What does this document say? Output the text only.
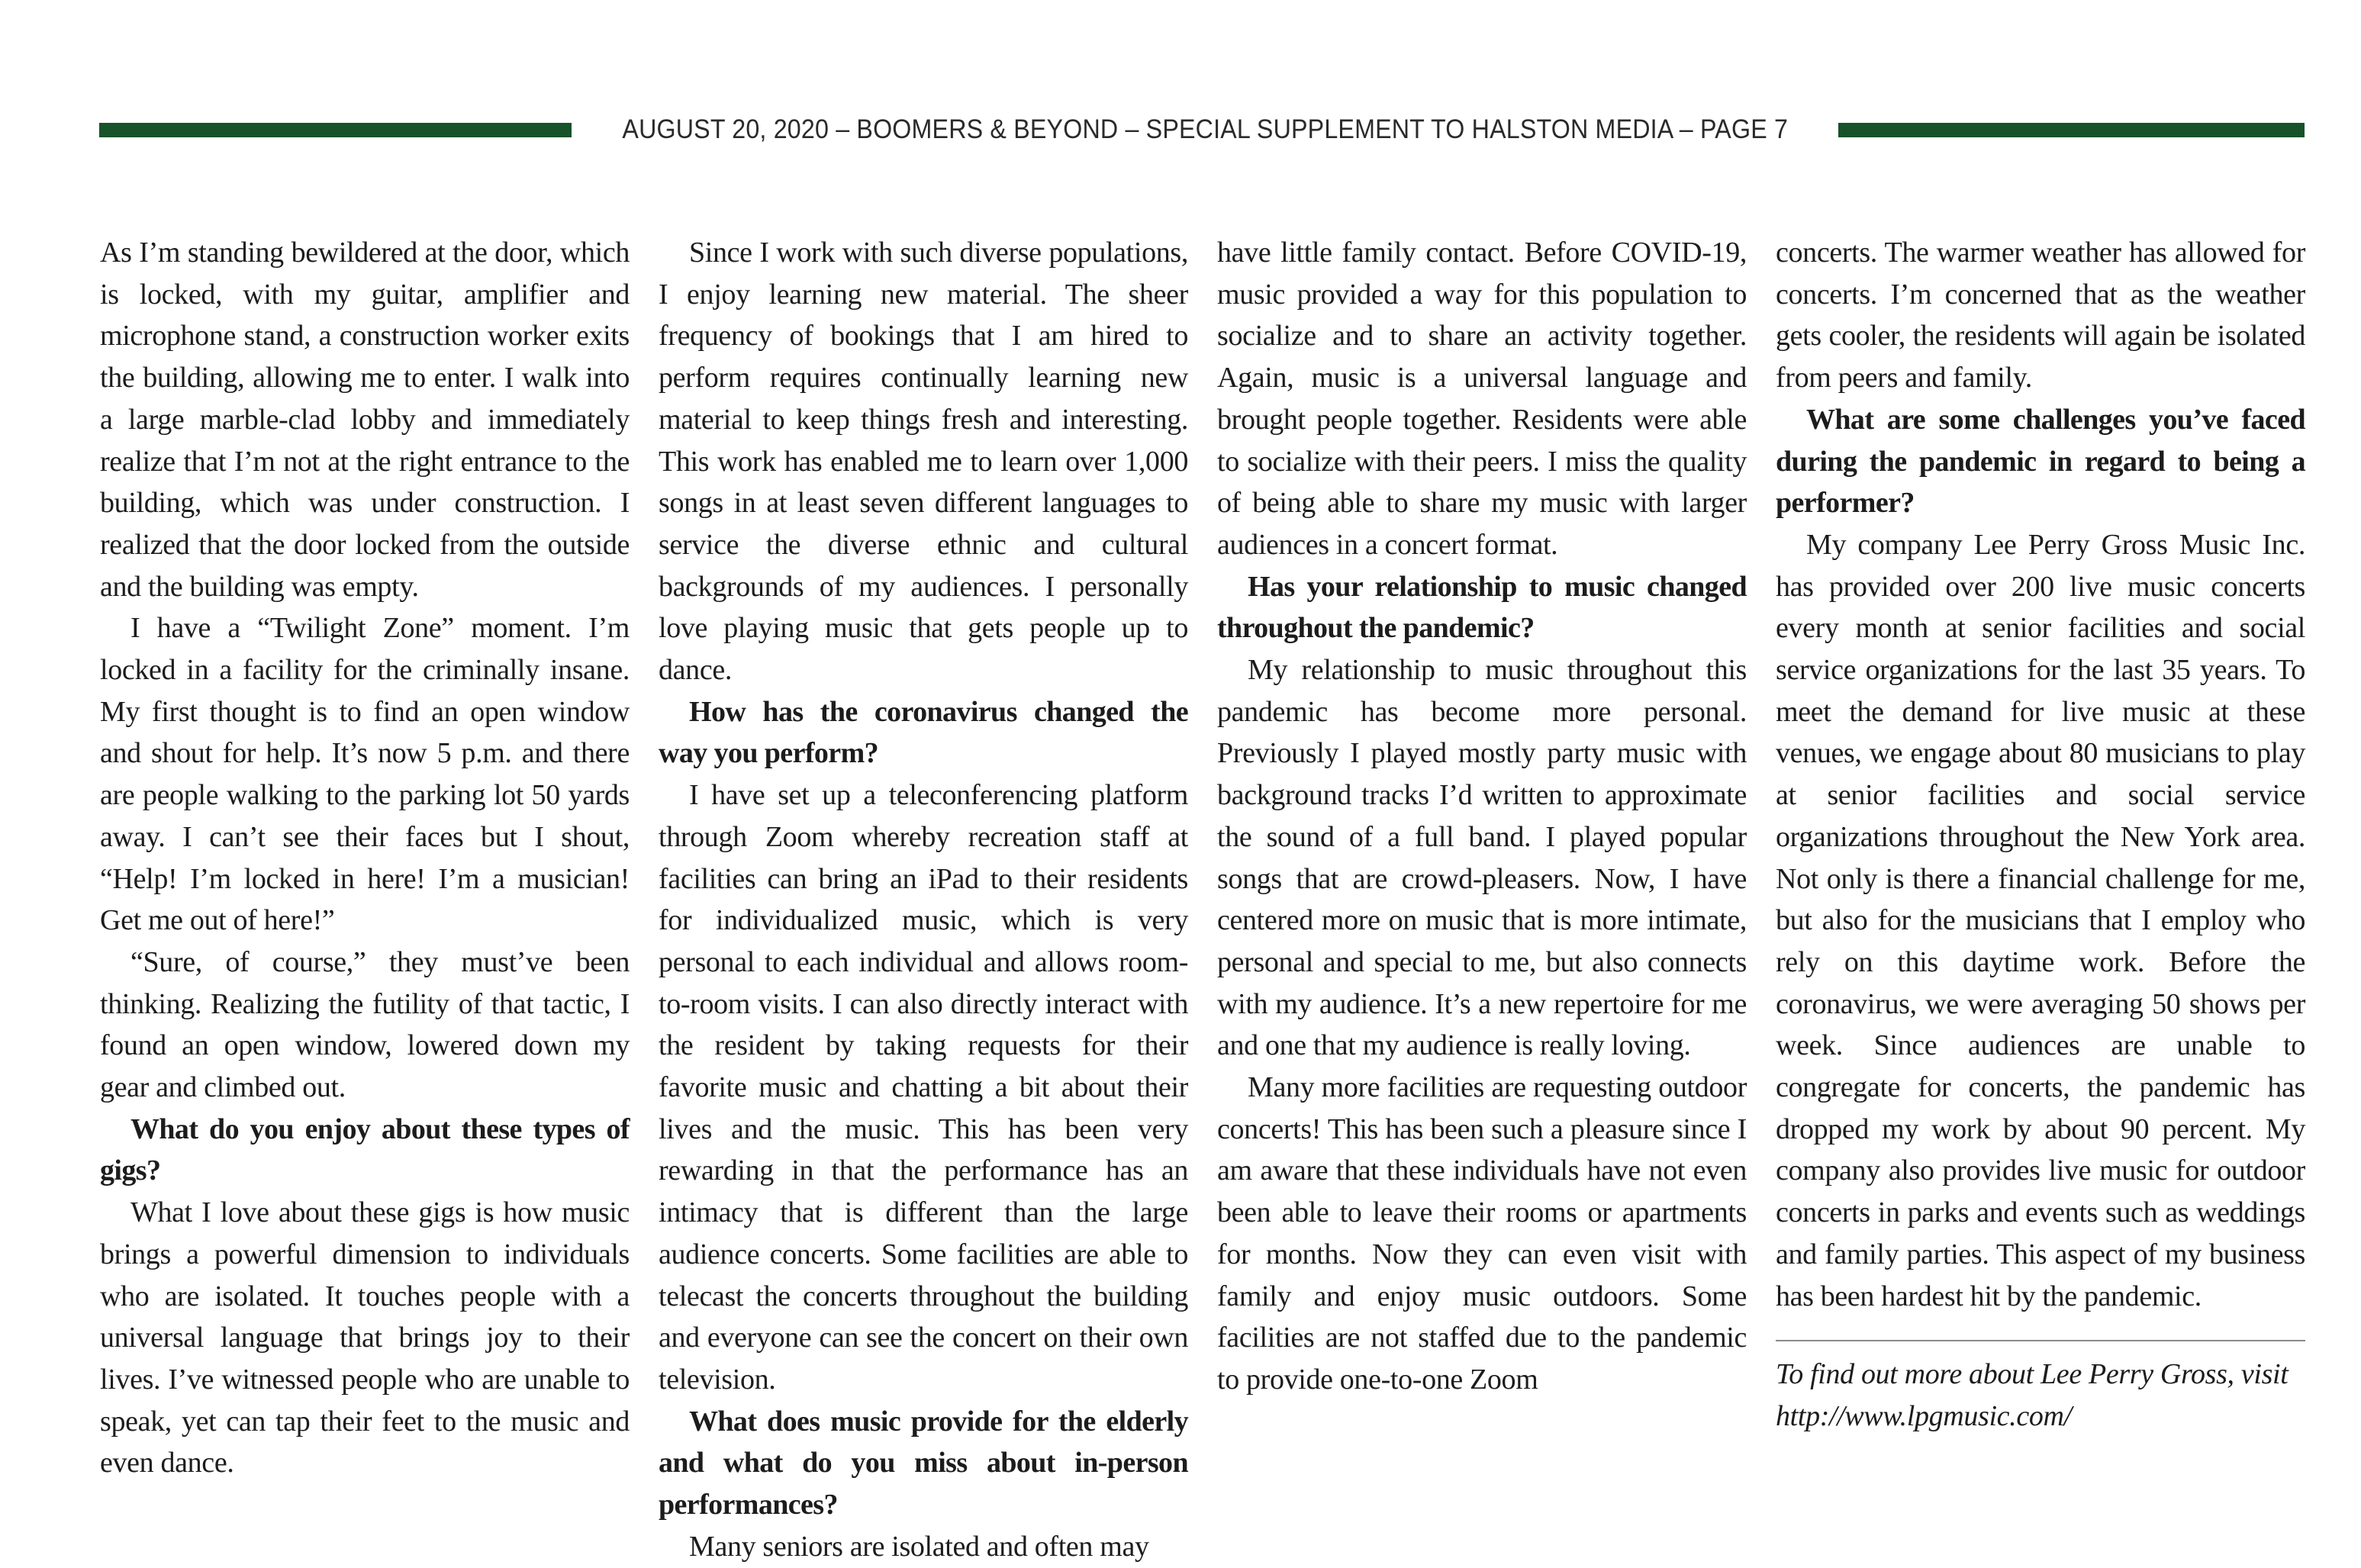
AUGUST 20, 2020 – BOOMERS & BEYOND – SPECIAL SUPPLEMENT TO HALSTON MEDIA – PAGE 7

As I’m standing bewildered at the door, which is locked, with my guitar, amplifier and microphone stand, a construction worker exits the building, allowing me to enter. I walk into a large marble-clad lobby and immediately realize that I’m not at the right entrance to the building, which was under construction. I realized that the door locked from the outside and the building was empty.

I have a “Twilight Zone” moment. I’m locked in a facility for the criminally insane. My first thought is to find an open window and shout for help. It’s now 5 p.m. and there are people walking to the parking lot 50 yards away. I can’t see their faces but I shout, “Help! I’m locked in here! I’m a musician! Get me out of here!”

“Sure, of course,” they must’ve been thinking. Realizing the futility of that tactic, I found an open window, lowered down my gear and climbed out.

What do you enjoy about these types of gigs?

What I love about these gigs is how music brings a powerful dimension to individuals who are isolated. It touches people with a universal language that brings joy to their lives. I’ve witnessed people who are unable to speak, yet can tap their feet to the music and even dance.

Since I work with such diverse populations, I enjoy learning new material. The sheer frequency of bookings that I am hired to perform requires continually learning new material to keep things fresh and interesting. This work has enabled me to learn over 1,000 songs in at least seven different languages to service the diverse ethnic and cultural backgrounds of my audiences. I personally love playing music that gets people up to dance.

How has the coronavirus changed the way you perform?

I have set up a teleconferencing platform through Zoom whereby recreation staff at facilities can bring an iPad to their residents for individualized music, which is very personal to each individual and allows room-to-room visits. I can also directly interact with the resident by taking requests for their favorite music and chatting a bit about their lives and the music. This has been very rewarding in that the performance has an intimacy that is different than the large audience concerts. Some facilities are able to telecast the concerts throughout the building and everyone can see the concert on their own television.

What does music provide for the elderly and what do you miss about in-person performances?

Many seniors are isolated and often may

have little family contact. Before COVID-19, music provided a way for this population to socialize and to share an activity together. Again, music is a universal language and brought people together. Residents were able to socialize with their peers. I miss the quality of being able to share my music with larger audiences in a concert format.

Has your relationship to music changed throughout the pandemic?

My relationship to music throughout this pandemic has become more personal. Previously I played mostly party music with background tracks I’d written to approximate the sound of a full band. I played popular songs that are crowd-pleasers. Now, I have centered more on music that is more intimate, personal and special to me, but also connects with my audience. It’s a new repertoire for me and one that my audience is really loving.

Many more facilities are requesting outdoor concerts! This has been such a pleasure since I am aware that these individuals have not even been able to leave their rooms or apartments for months. Now they can even visit with family and enjoy music outdoors. Some facilities are not staffed due to the pandemic to provide one-to-one Zoom

concerts. The warmer weather has allowed for concerts. I’m concerned that as the weather gets cooler, the residents will again be isolated from peers and family.

What are some challenges you’ve faced during the pandemic in regard to being a performer?

My company Lee Perry Gross Music Inc. has provided over 200 live music concerts every month at senior facilities and social service organizations for the last 35 years. To meet the demand for live music at these venues, we engage about 80 musicians to play at senior facilities and social service organizations throughout the New York area. Not only is there a financial challenge for me, but also for the musicians that I employ who rely on this daytime work. Before the coronavirus, we were averaging 50 shows per week. Since audiences are unable to congregate for concerts, the pandemic has dropped my work by about 90 percent. My company also provides live music for outdoor concerts in parks and events such as weddings and family parties. This aspect of my business has been hardest hit by the pandemic.

To find out more about Lee Perry Gross, visit http://www.lpgmusic.com/
